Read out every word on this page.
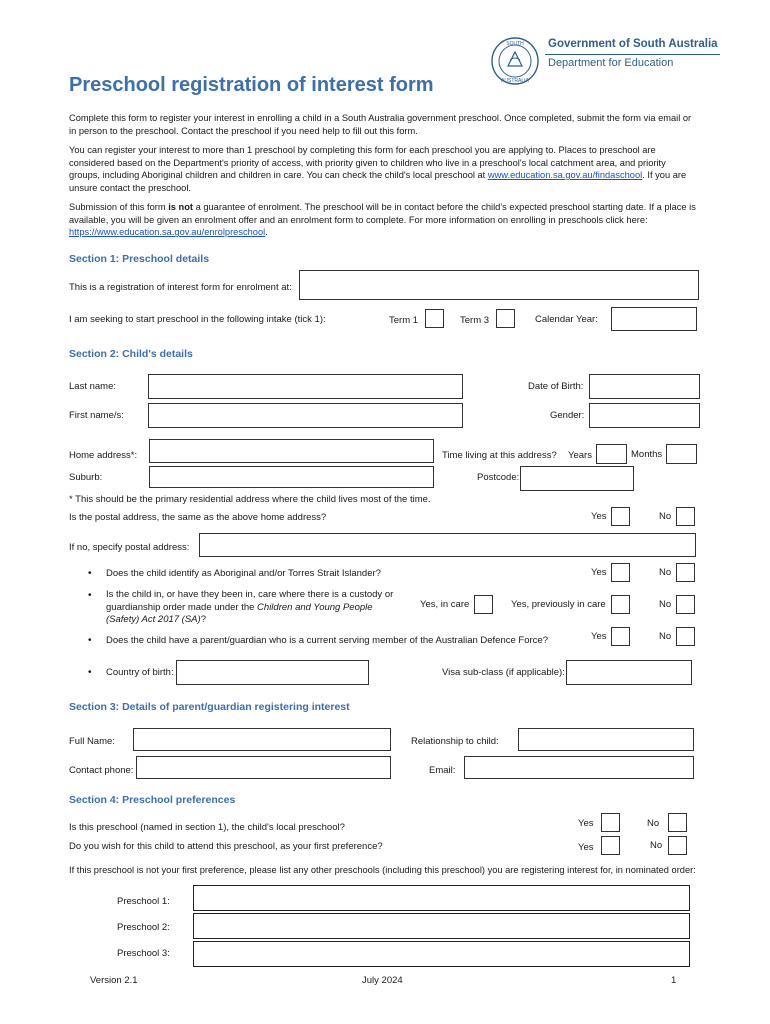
SOUTH
AUSTRALIA
Government of South Australia
Department for Education
Preschool registration of interest form
Complete this form to register your interest in enrolling a child in a South Australia government preschool. Once completed, submit the form via email or in person to the preschool. Contact the preschool if you need help to fill out this form.
You can register your interest to more than 1 preschool by completing this form for each preschool you are applying to. Places to preschool are considered based on the Department's priority of access, with priority given to children who live in a preschool's local catchment area, and priority groups, including Aboriginal children and children in care. You can check the child's local preschool at www.education.sa.gov.au/findaschool. If you are unsure contact the preschool.
Submission of this form is not a guarantee of enrolment. The preschool will be in contact before the child's expected preschool starting date. If a place is available, you will be given an enrolment offer and an enrolment form to complete. For more information on enrolling in preschools click here: https://www.education.sa.gov.au/enrolpreschool.
Section 1: Preschool details
This is a registration of interest form for enrolment at:
I am seeking to start preschool in the following intake (tick 1):	Term 1	Term 3	Calendar Year:
Section 2: Child's details
Last name:	Date of Birth:
First name/s:	Gender:
Home address*:	Time living at this address? Years	Months
Suburb:	Postcode:
* This should be the primary residential address where the child lives most of the time.
Is the postal address, the same as the above home address?	Yes	No
If no, specify postal address:
• Does the child identify as Aboriginal and/or Torres Strait Islander?	Yes	No
• Is the child in, or have they been in, care where there is a custody or
guardianship order made under the Children and Young People
(Safety) Act 2017 (SA)?
Yes, in care	Yes, previously in care	No
• Does the child have a parent/guardian who is a current serving member of the Australian Defence Force?	Yes	No
• Country of birth:	Visa sub-class (if applicable):
Section 3: Details of parent/guardian registering interest
Full Name:	Relationship to child:
Contact phone:	Email:
Section 4: Preschool preferences
Is this preschool (named in section 1), the child's local preschool?	Yes	No
Do you wish for this child to attend this preschool, as your first preference?	Yes	No
If this preschool is not your first preference, please list any other preschools (including this preschool) you are registering interest for, in nominated order:
Preschool 1:
Preschool 2:
Preschool 3:
Version 2.1	July 2024	1
